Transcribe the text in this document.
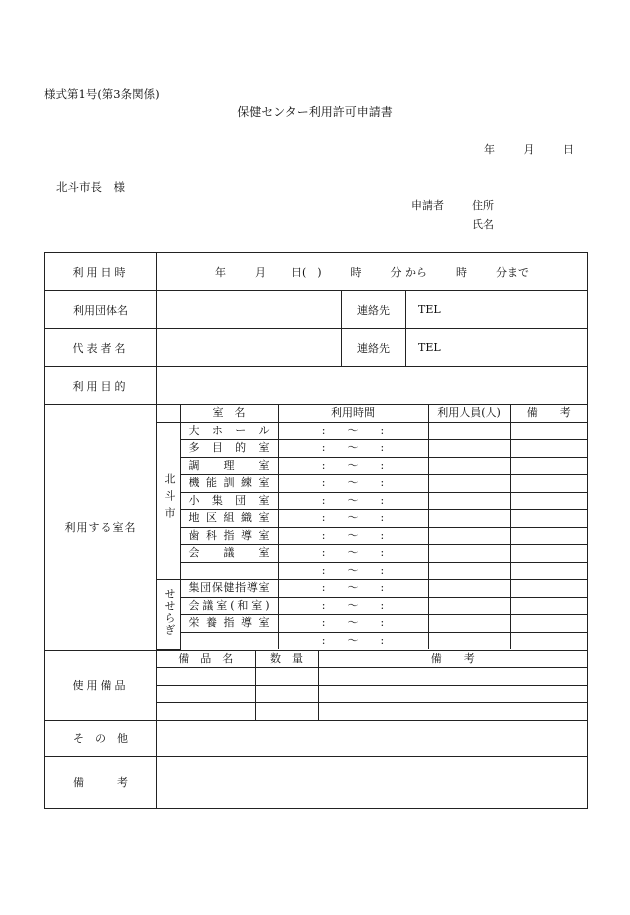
様式第1号(第3条関係)
保健センター利用許可申請書
年	月	日
北斗市長　様
申請者	住所
氏名
利用日時	年	月 日(　)	時	分 から	時	分まで
利用団体名		連絡先	TEL
代表者名		連絡先	TEL
利用目的	
利用する室名	
	室　名	利用時間	利用人員(人)	備　　考
北斗市	大ホール	:　　〜　　:		
多目的室	:　　〜　　:		
調理室	:　　〜　　:		
機能訓練室	:　　〜　　:		
小集団室	:　　〜　　:		
地区組織室	:　　〜　　:		
歯科指導室	:　　〜　　:		
会議室	:　　〜　　:		
	:　　〜　　:		
せせらぎ	集団保健指導室	:　　〜　　:		
会議室(和室)	:　　〜　　:		
栄養指導室	:　　〜　　:		
	:　　〜　　:		

使用備品	
備　品　名	数　量	備　　考

そ　の　他	
備　　　考	
